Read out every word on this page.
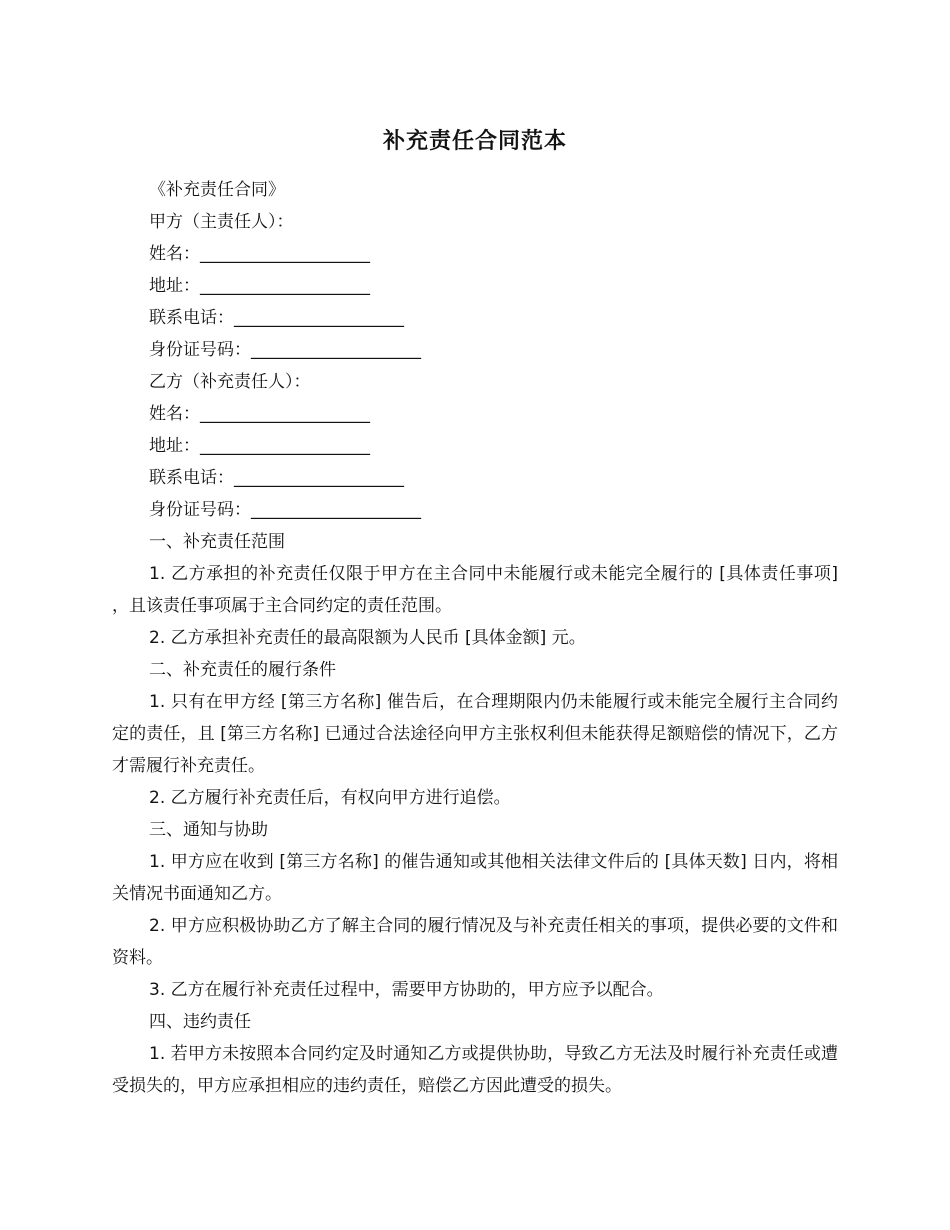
补充责任合同范本

《补充责任合同》

甲方（主责任人）：

姓名：____________________

地址：____________________

联系电话：____________________

身份证号码：____________________

乙方（补充责任人）：

姓名：____________________

地址：____________________

联系电话：____________________

身份证号码：____________________

一、补充责任范围

1. 乙方承担的补充责任仅限于甲方在主合同中未能履行或未能完全履行的 [具体责任事项] ，且该责任事项属于主合同约定的责任范围。

2. 乙方承担补充责任的最高限额为人民币 [具体金额] 元。

二、补充责任的履行条件

1. 只有在甲方经 [第三方名称] 催告后，在合理期限内仍未能履行或未能完全履行主合同约定的责任，且 [第三方名称] 已通过合法途径向甲方主张权利但未能获得足额赔偿的情况下，乙方才需履行补充责任。

2. 乙方履行补充责任后，有权向甲方进行追偿。

三、通知与协助

1. 甲方应在收到 [第三方名称] 的催告通知或其他相关法律文件后的 [具体天数] 日内，将相关情况书面通知乙方。

2. 甲方应积极协助乙方了解主合同的履行情况及与补充责任相关的事项，提供必要的文件和资料。

3. 乙方在履行补充责任过程中，需要甲方协助的，甲方应予以配合。

四、违约责任

1. 若甲方未按照本合同约定及时通知乙方或提供协助，导致乙方无法及时履行补充责任或遭受损失的，甲方应承担相应的违约责任，赔偿乙方因此遭受的损失。
